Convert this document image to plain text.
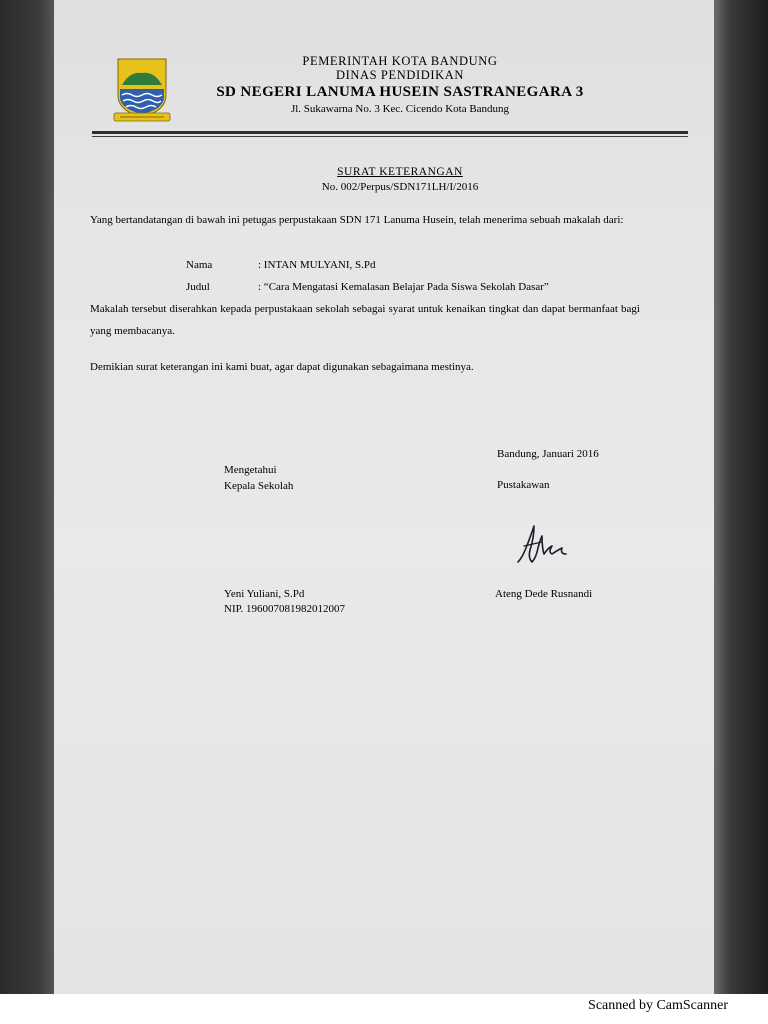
PEMERINTAH KOTA BANDUNG
DINAS PENDIDIKAN
SD NEGERI LANUMA HUSEIN SASTRANEGARA 3
Jl. Sukawarna No. 3 Kec. Cicendo Kota Bandung
SURAT KETERANGAN
No. 002/Perpus/SDN171LH/I/2016
Yang bertandatangan di bawah ini petugas perpustakaan SDN 171 Lanuma Husein, telah menerima sebuah makalah dari:
Nama	: INTAN MULYANI, S.Pd
Judul	: “Cara Mengatasi Kemalasan Belajar Pada Siswa Sekolah Dasar”
Makalah tersebut diserahkan kepada perpustakaan sekolah sebagai syarat untuk kenaikan tingkat dan dapat bermanfaat bagi yang membacanya.
Demikian surat keterangan ini kami buat, agar dapat digunakan sebagaimana mestinya.
Bandung, Januari 2016
Mengetahui
Kepala Sekolah	Pustakawan
Yeni Yuliani, S.Pd
NIP. 196007081982012007
Ateng Dede Rusnandi
Scanned by CamScanner
